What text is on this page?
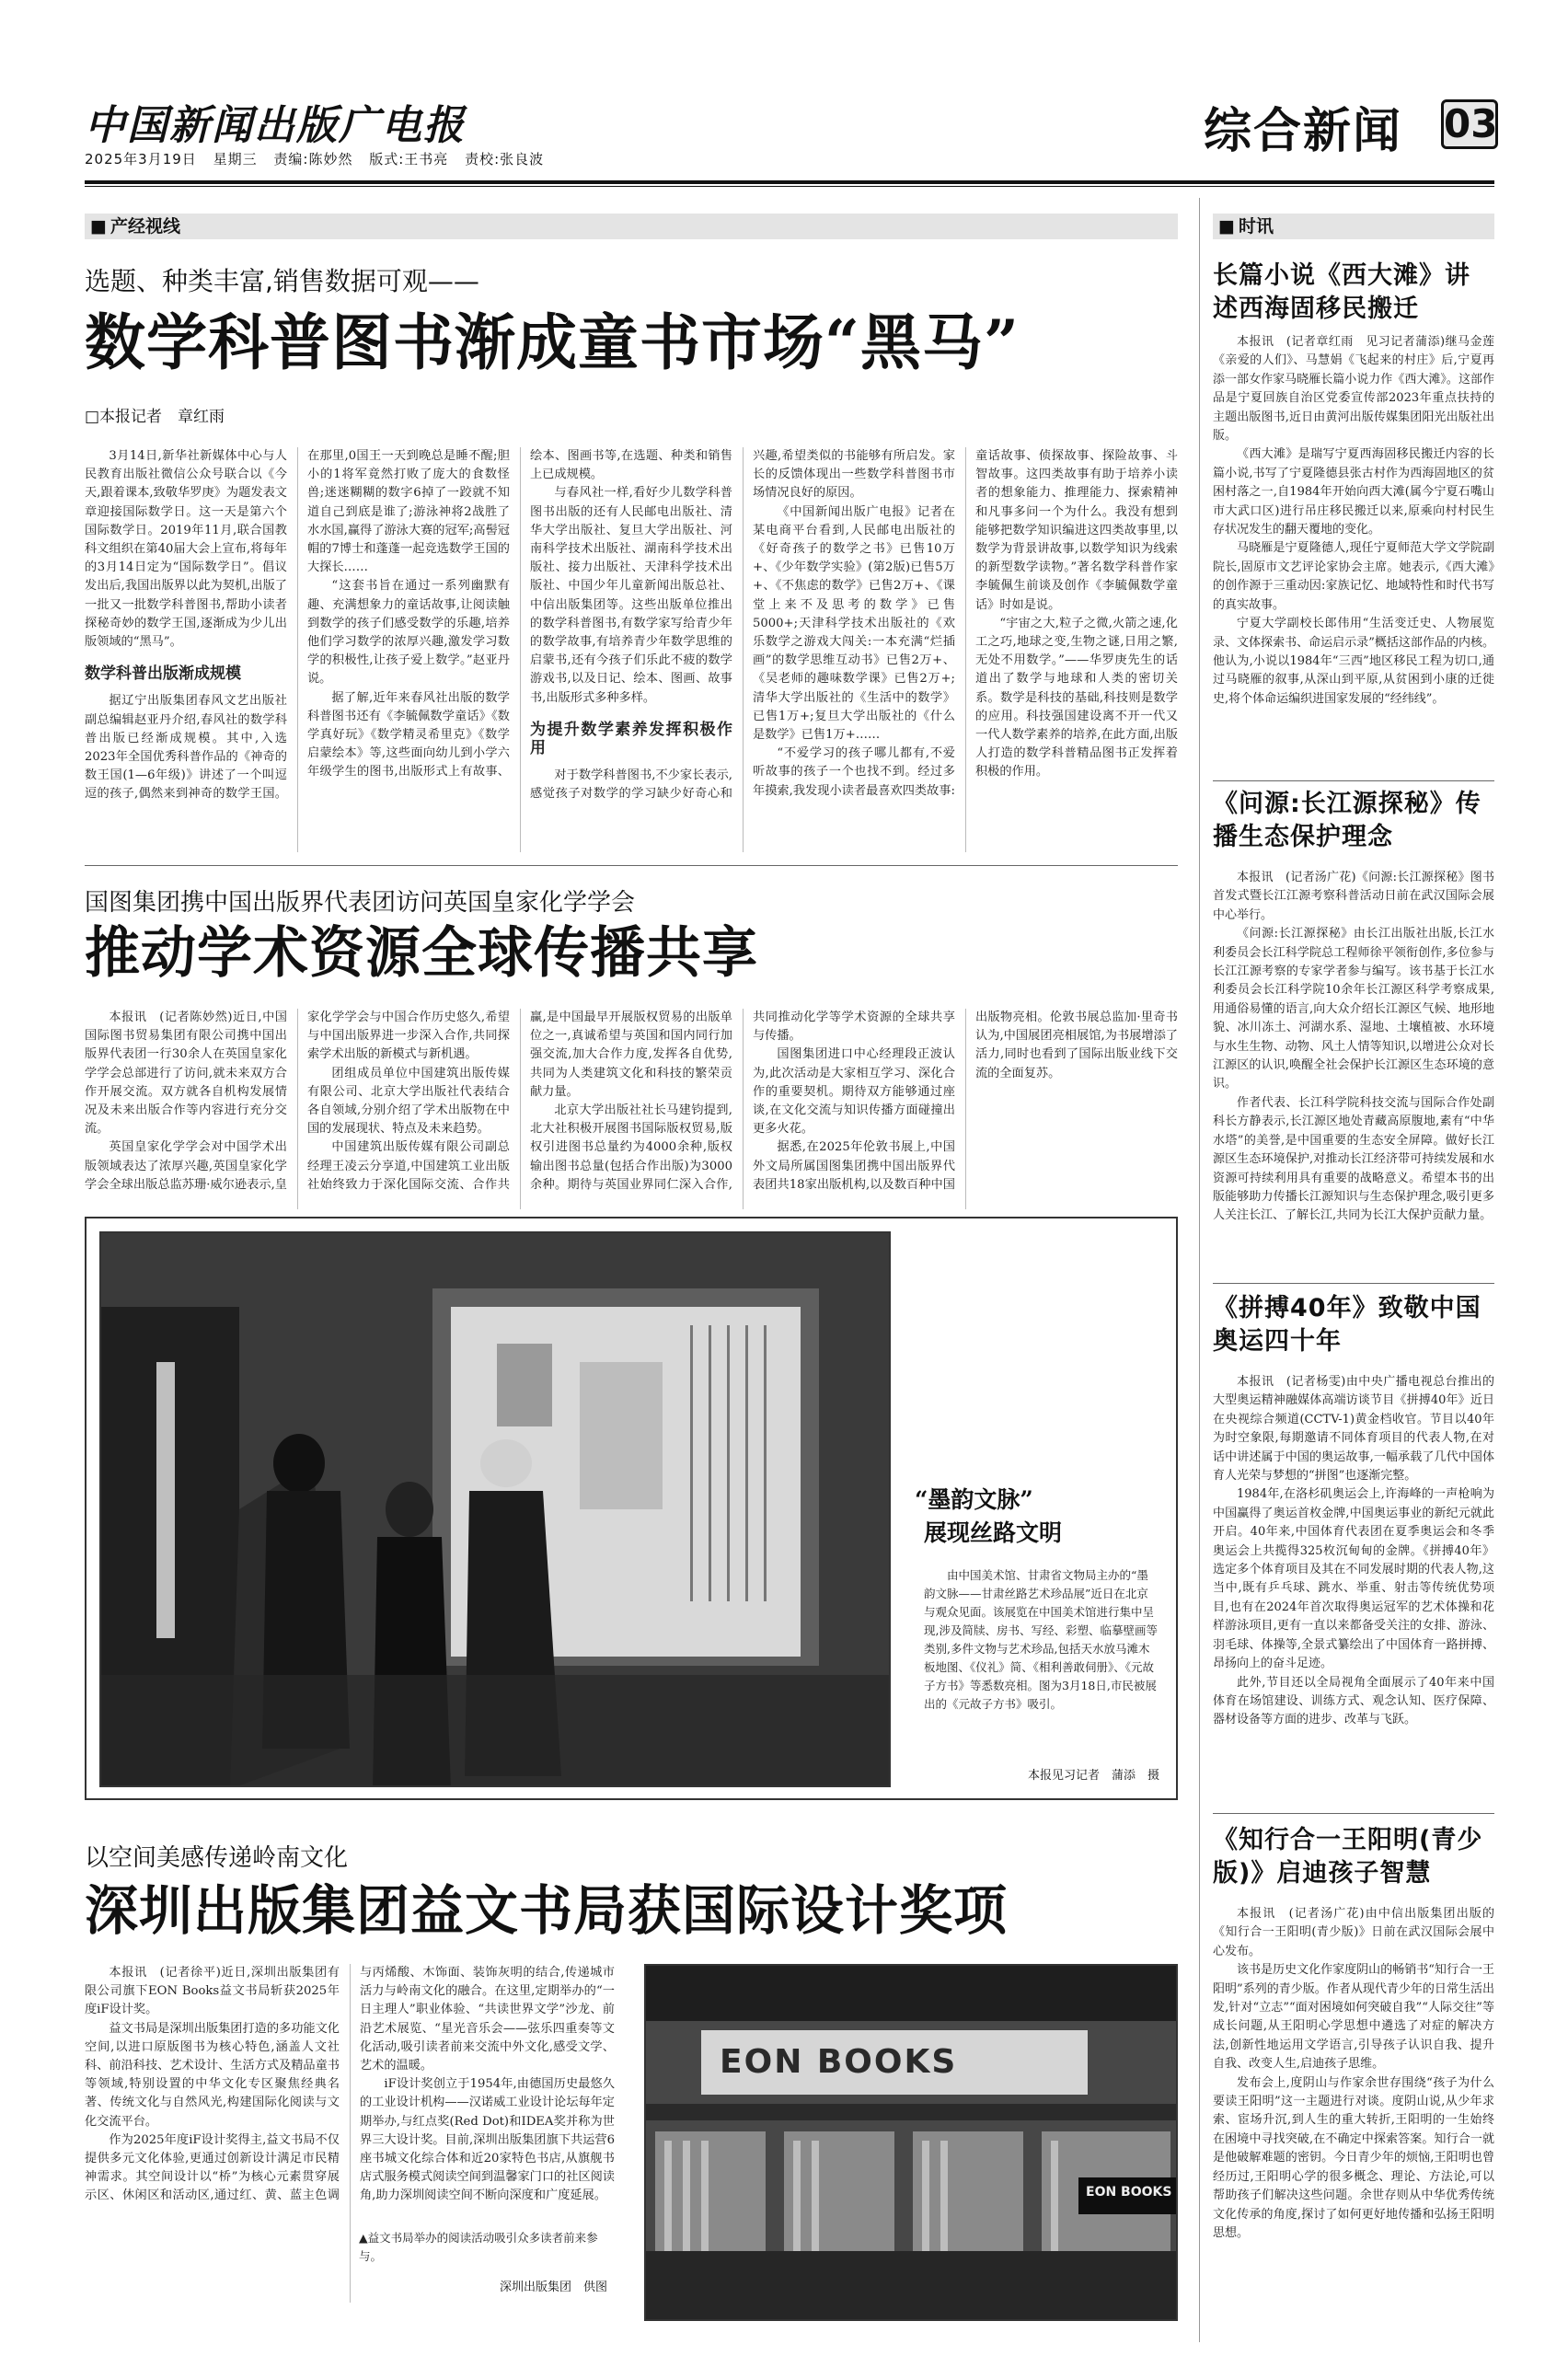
中国新闻出版广电报
2025年3月19日 星期三 责编:陈妙然 版式:王书亮 责校:张良波	综合新闻 03
■ 产经视线
选题、种类丰富,销售数据可观——
数学科普图书渐成童书市场“黑马”
□本报记者　章红雨

3月14日,新华社新媒体中心与人民教育出版社微信公众号联合以《今天,跟着课本,致敬华罗庚》为题发表文章迎接国际数学日。这一天是第六个国际数学日。2019年11月,联合国教科文组织在第40届大会上宣布,将每年的3月14日定为“国际数学日”。倡议发出后,我国出版界以此为契机,出版了一批又一批数学科普图书,帮助小读者探秘奇妙的数学王国,逐渐成为少儿出版领域的“黑马”。

数学科普出版渐成规模

据辽宁出版集团春风文艺出版社副总编辑赵亚丹介绍,春风社的数学科普出版已经渐成规模。其中,入选2023年全国优秀科普作品的《神奇的数王国(1—6年级)》讲述了一个叫逗逗的孩子,偶然来到神奇的数学王国。在那里,0国王一天到晚总是睡不醒;胆小的1将军竟然打败了庞大的食数怪兽;迷迷糊糊的数字6掉了一跤就不知道自己到底是谁了;游泳神将2战胜了水水国,赢得了游泳大赛的冠军;高髻冠帽的7博士和蓬蓬一起竞选数学王国的大探长……

“这套书旨在通过一系列幽默有趣、充满想象力的童话故事,让阅读触到数学的孩子们感受数学的乐趣,培养他们学习数学的浓厚兴趣,激发学习数学的积极性,让孩子爱上数学。”赵亚丹说。

据了解,近年来春风社出版的数学科普图书还有《李毓佩数学童话》《数学真好玩》《数学精灵希里克》《数学启蒙绘本》等,这些面向幼儿到小学六年级学生的图书,出版形式上有故事、绘本、图画书等,在选题、种类和销售上已成规模。

与春风社一样,看好少儿数学科普图书出版的还有人民邮电出版社、清华大学出版社、复旦大学出版社、河南科学技术出版社、湖南科学技术出版社、接力出版社、天津科学技术出版社、中国少年儿童新闻出版总社、中信出版集团等。这些出版单位推出的数学科普图书,有数学家写给青少年的数学故事,有培养青少年数学思维的启蒙书,还有今孩子们乐此不疲的数学游戏书,以及日记、绘本、图画、故事书,出版形式多种多样。

为提升数学素养发挥积极作用

对于数学科普图书,不少家长表示,感觉孩子对数学的学习缺少好奇心和兴趣,希望类似的书能够有所启发。家长的反馈体现出一些数学科普图书市场情况良好的原因。

《中国新闻出版广电报》记者在某电商平台看到,人民邮电出版社的《好奇孩子的数学之书》已售10万+、《少年数学实验》(第2版)已售5万+、《不焦虑的数学》已售2万+、《课堂上来不及思考的数学》已售5000+;天津科学技术出版社的《欢乐数学之游戏大闯关:一本充满“烂插画”的数学思维互动书》已售2万+、《吴老师的趣味数学课》已售2万+;清华大学出版社的《生活中的数学》已售1万+;复旦大学出版社的《什么是数学》已售1万+……

“不爱学习的孩子哪儿都有,不爱听故事的孩子一个也找不到。经过多年摸索,我发现小读者最喜欢四类故事:童话故事、侦探故事、探险故事、斗智故事。这四类故事有助于培养小读者的想象能力、推理能力、探索精神和凡事多问一个为什么。我没有想到能够把数学知识编进这四类故事里,以数学为背景讲故事,以数学知识为线索的新型数学读物。”著名数学科普作家李毓佩生前谈及创作《李毓佩数学童话》时如是说。

“宇宙之大,粒子之微,火箭之速,化工之巧,地球之变,生物之谜,日用之繁,无处不用数学。”——华罗庚先生的话道出了数学与地球和人类的密切关系。数学是科技的基础,科技则是数学的应用。科技强国建设离不开一代又一代人数学素养的培养,在此方面,出版人打造的数学科普精品图书正发挥着积极的作用。

国图集团携中国出版界代表团访问英国皇家化学学会
推动学术资源全球传播共享

本报讯　(记者陈妙然)近日,中国国际图书贸易集团有限公司携中国出版界代表团一行30余人在英国皇家化学学会总部进行了访问,就未来双方合作开展交流。双方就各自机构发展情况及未来出版合作等内容进行充分交流。

英国皇家化学学会对中国学术出版领域表达了浓厚兴趣,英国皇家化学学会全球出版总监苏珊·威尔逊表示,皇家化学学会与中国合作历史悠久,希望与中国出版界进一步深入合作,共同探索学术出版的新模式与新机遇。

团组成员单位中国建筑出版传媒有限公司、北京大学出版社代表结合各自领域,分别介绍了学术出版物在中国的发展现状、特点及未来趋势。

中国建筑出版传媒有限公司副总经理王凌云分享道,中国建筑工业出版社始终致力于深化国际交流、合作共赢,是中国最早开展版权贸易的出版单位之一,真诚希望与英国和国内同行加强交流,加大合作力度,发挥各自优势,共同为人类建筑文化和科技的繁荣贡献力量。

北京大学出版社社长马建钧提到,北大社积极开展图书国际版权贸易,版权引进图书总量约为4000余种,版权输出图书总量(包括合作出版)为3000余种。期待与英国业界同仁深入合作,共同推动化学等学术资源的全球共享与传播。

国图集团进口中心经理段正波认为,此次活动是大家相互学习、深化合作的重要契机。期待双方能够通过座谈,在文化交流与知识传播方面碰撞出更多火花。

据悉,在2025年伦敦书展上,中国外文局所属国图集团携中国出版界代表团共18家出版机构,以及数百种中国出版物亮相。伦敦书展总监加·里奇书认为,中国展团亮相展馆,为书展增添了活力,同时也看到了国际出版业线下交流的全面复苏。

“墨韵文脉”
展现丝路文明
由中国美术馆、甘肃省文物局主办的“墨韵文脉——甘肃丝路艺术珍品展”近日在北京与观众见面。该展览在中国美术馆进行集中呈现,涉及简牍、房书、写经、彩塑、临摹壁画等类别,多件文物与艺术珍品,包括天水放马滩木板地图、《仪礼》简、《相利善敢伺册》、《元故子方书》等悉数亮相。图为3月18日,市民被展出的《元故子方书》吸引。
本报见习记者　蒲添　摄
以空间美感传递岭南文化
深圳出版集团益文书局获国际设计奖项

本报讯　(记者徐平)近日,深圳出版集团有限公司旗下EON Books益文书局斩获2025年度iF设计奖。

益文书局是深圳出版集团打造的多功能文化空间,以进口原版图书为核心特色,涵盖人文社科、前沿科技、艺术设计、生活方式及精品童书等领域,特别设置的中华文化专区聚焦经典名著、传统文化与自然风光,构建国际化阅读与文化交流平台。

作为2025年度iF设计奖得主,益文书局不仅提供多元文化体验,更通过创新设计满足市民精神需求。其空间设计以“桥”为核心元素贯穿展示区、休闲区和活动区,通过红、黄、蓝主色调与丙烯酸、木饰面、装饰灰明的结合,传递城市活力与岭南文化的融合。在这里,定期举办的“一日主理人”职业体验、“共读世界文学”沙龙、前沿艺术展览、“星光音乐会——弦乐四重奏等文化活动,吸引读者前来交流中外文化,感受文学、艺术的温暖。

iF设计奖创立于1954年,由德国历史最悠久的工业设计机构——汉诺威工业设计论坛每年定期举办,与红点奖(Red Dot)和IDEA奖并称为世界三大设计奖。目前,深圳出版集团旗下共运营6座书城文化综合体和近20家特色书店,从旗舰书店式服务模式阅读空间到温馨家门口的社区阅读角,助力深圳阅读空间不断向深度和广度延展。

▲益文书局举办的阅读活动吸引众多读者前来参与。
深圳出版集团　供图
EON BOOKS
EON BOOKS
■ 时讯
长篇小说《西大滩》讲述西海固移民搬迁

本报讯　(记者章红雨　见习记者蒲添)继马金莲《亲爱的人们》、马慧娟《飞起来的村庄》后,宁夏再添一部女作家马晓雁长篇小说力作《西大滩》。这部作品是宁夏回族自治区党委宣传部2023年重点扶持的主题出版图书,近日由黄河出版传媒集团阳光出版社出版。

《西大滩》是瑞写宁夏西海固移民搬迁内容的长篇小说,书写了宁夏隆德县张古村作为西海固地区的贫困村落之一,自1984年开始向西大滩(属今宁夏石嘴山市大武口区)进行吊庄移民搬迁以来,原乘向村村民生存状况发生的翻天覆地的变化。

马晓雁是宁夏隆德人,现任宁夏师范大学文学院副院长,固原市文艺评论家协会主席。她表示,《西大滩》的创作源于三重动因:家族记忆、地域特性和时代书写的真实故事。

宁夏大学副校长郎伟用“生活变迁史、人物展览录、文体探索书、命运启示录”概括这部作品的内核。他认为,小说以1984年“三西”地区移民工程为切口,通过马晓雁的叙事,从深山到平原,从贫困到小康的迁徙史,将个体命运编织进国家发展的“经纬线”。

《问源:长江源探秘》传播生态保护理念

本报讯　(记者汤广花)《问源:长江源探秘》图书首发式暨长江江源考察科普活动日前在武汉国际会展中心举行。

《问源:长江源探秘》由长江出版社出版,长江水利委员会长江科学院总工程师徐平领衔创作,多位参与长江江源考察的专家学者参与编写。该书基于长江水利委员会长江科学院10余年长江源区科学考察成果,用通俗易懂的语言,向大众介绍长江源区气候、地形地貌、冰川冻土、河湖水系、湿地、土壤植被、水环境与水生生物、动物、风土人情等知识,以增进公众对长江源区的认识,唤醒全社会保护长江源区生态环境的意识。

作者代表、长江科学院科技交流与国际合作处副科长方静表示,长江源区地处青藏高原腹地,素有“中华水塔”的美誉,是中国重要的生态安全屏障。做好长江源区生态环境保护,对推动长江经济带可持续发展和水资源可持续利用具有重要的战略意义。希望本书的出版能够助力传播长江源知识与生态保护理念,吸引更多人关注长江、了解长江,共同为长江大保护贡献力量。

《拼搏40年》致敬中国奥运四十年

本报讯　(记者杨雯)由中央广播电视总台推出的大型奥运精神融媒体高端访谈节目《拼搏40年》近日在央视综合频道(CCTV-1)黄金档收官。节目以40年为时空象限,每期邀请不同体育项目的代表人物,在对话中讲述属于中国的奥运故事,一幅承载了几代中国体育人光荣与梦想的“拼图”也逐渐完整。

1984年,在洛杉矶奥运会上,许海峰的一声枪响为中国赢得了奥运首枚金牌,中国奥运事业的新纪元就此开启。40年来,中国体育代表团在夏季奥运会和冬季奥运会上共揽得325枚沉甸甸的金牌。《拼搏40年》选定多个体育项目及其在不同发展时期的代表人物,这当中,既有乒乓球、跳水、举重、射击等传统优势项目,也有在2024年首次取得奥运冠军的艺术体操和花样游泳项目,更有一直以来都备受关注的女排、游泳、羽毛球、体操等,全景式纂绘出了中国体育一路拼搏、昂扬向上的奋斗足迹。

此外,节目还以全局视角全面展示了40年来中国体育在场馆建设、训练方式、观念认知、医疗保障、器材设备等方面的进步、改革与飞跃。

《知行合一王阳明(青少版)》启迪孩子智慧

本报讯　(记者汤广花)由中信出版集团出版的《知行合一王阳明(青少版)》日前在武汉国际会展中心发布。

该书是历史文化作家度阴山的畅销书“知行合一王阳明”系列的青少版。作者从现代青少年的日常生活出发,针对“立志”“面对困境如何突破自我”“人际交往”等成长问题,从王阳明心学思想中遴选了对症的解决方法,创新性地运用文学语言,引导孩子认识自我、提升自我、改变人生,启迪孩子思维。

发布会上,度阴山与作家余世存围绕“孩子为什么要读王阳明”这一主题进行对谈。度阴山说,从少年求索、宦场升沉,到人生的重大转折,王阳明的一生始终在困境中寻找突破,在不确定中探索答案。知行合一就是他破解难题的密钥。今日青少年的烦恼,王阳明也曾经历过,王阳明心学的很多概念、理论、方法论,可以帮助孩子们解决这些问题。余世存则从中华优秀传统文化传承的角度,探讨了如何更好地传播和弘扬王阳明思想。
